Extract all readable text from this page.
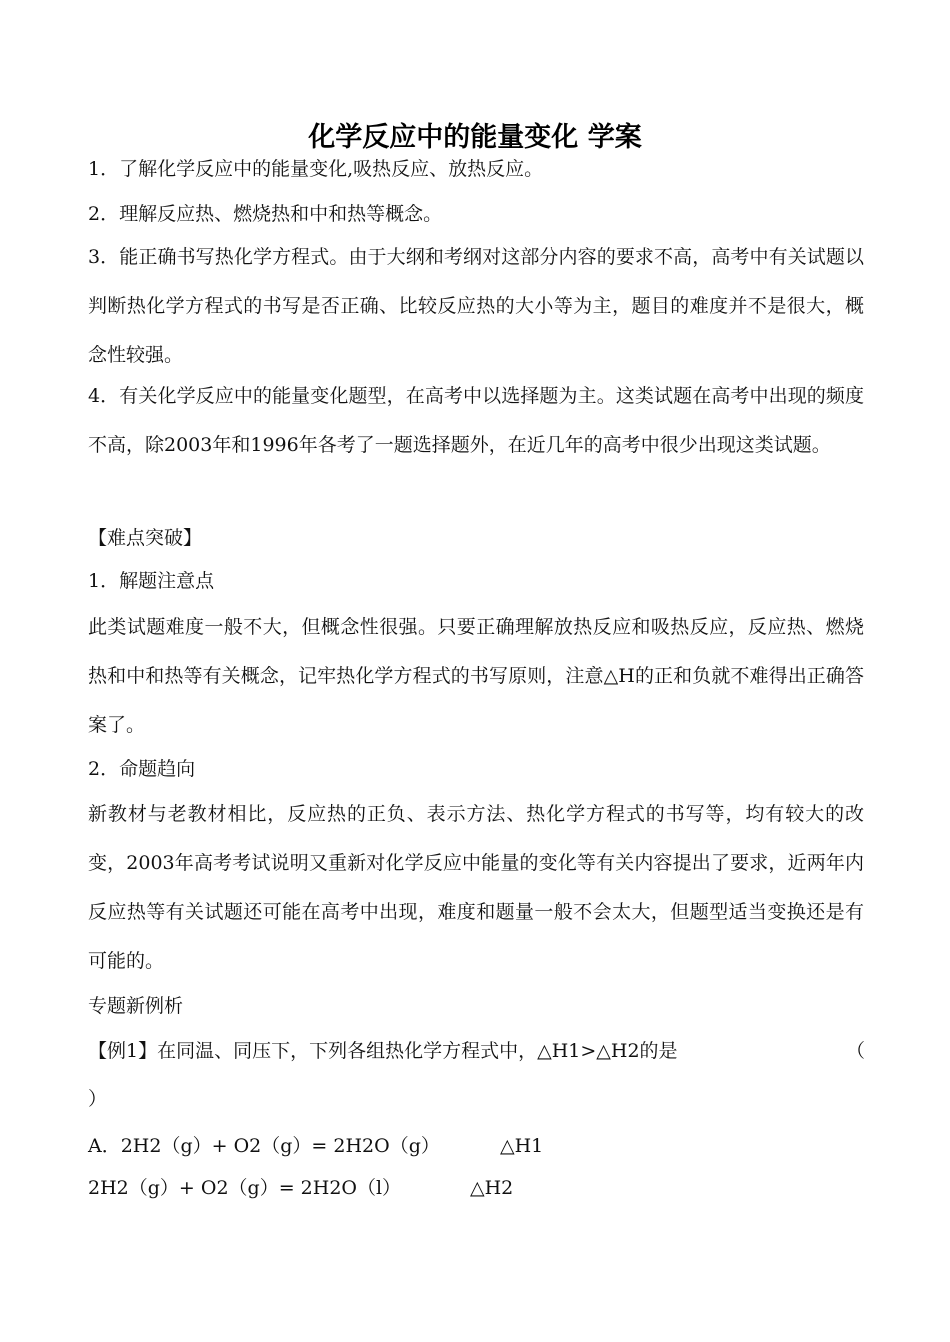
化学反应中的能量变化 学案
1．了解化学反应中的能量变化,吸热反应、放热反应。
2．理解反应热、燃烧热和中和热等概念。
3．能正确书写热化学方程式。由于大纲和考纲对这部分内容的要求不高，高考中有关试题以判断热化学方程式的书写是否正确、比较反应热的大小等为主，题目的难度并不是很大，概念性较强。
4．有关化学反应中的能量变化题型，在高考中以选择题为主。这类试题在高考中出现的频度不高，除2003年和1996年各考了一题选择题外，在近几年的高考中很少出现这类试题。
【难点突破】
1．解题注意点
此类试题难度一般不大，但概念性很强。只要正确理解放热反应和吸热反应，反应热、燃烧热和中和热等有关概念，记牢热化学方程式的书写原则，注意△H的正和负就不难得出正确答案了。
2．命题趋向
新教材与老教材相比，反应热的正负、表示方法、热化学方程式的书写等，均有较大的改变，2003年高考考试说明又重新对化学反应中能量的变化等有关内容提出了要求，近两年内反应热等有关试题还可能在高考中出现，难度和题量一般不会太大，但题型适当变换还是有可能的。
专题新例析
【例1】在同温、同压下，下列各组热化学方程式中，△H1>△H2的是	（
）
A．2H2（g）+ O2（g）= 2H2O（g）	△H1
2H2（g）+ O2（g）= 2H2O（l）	△H2
